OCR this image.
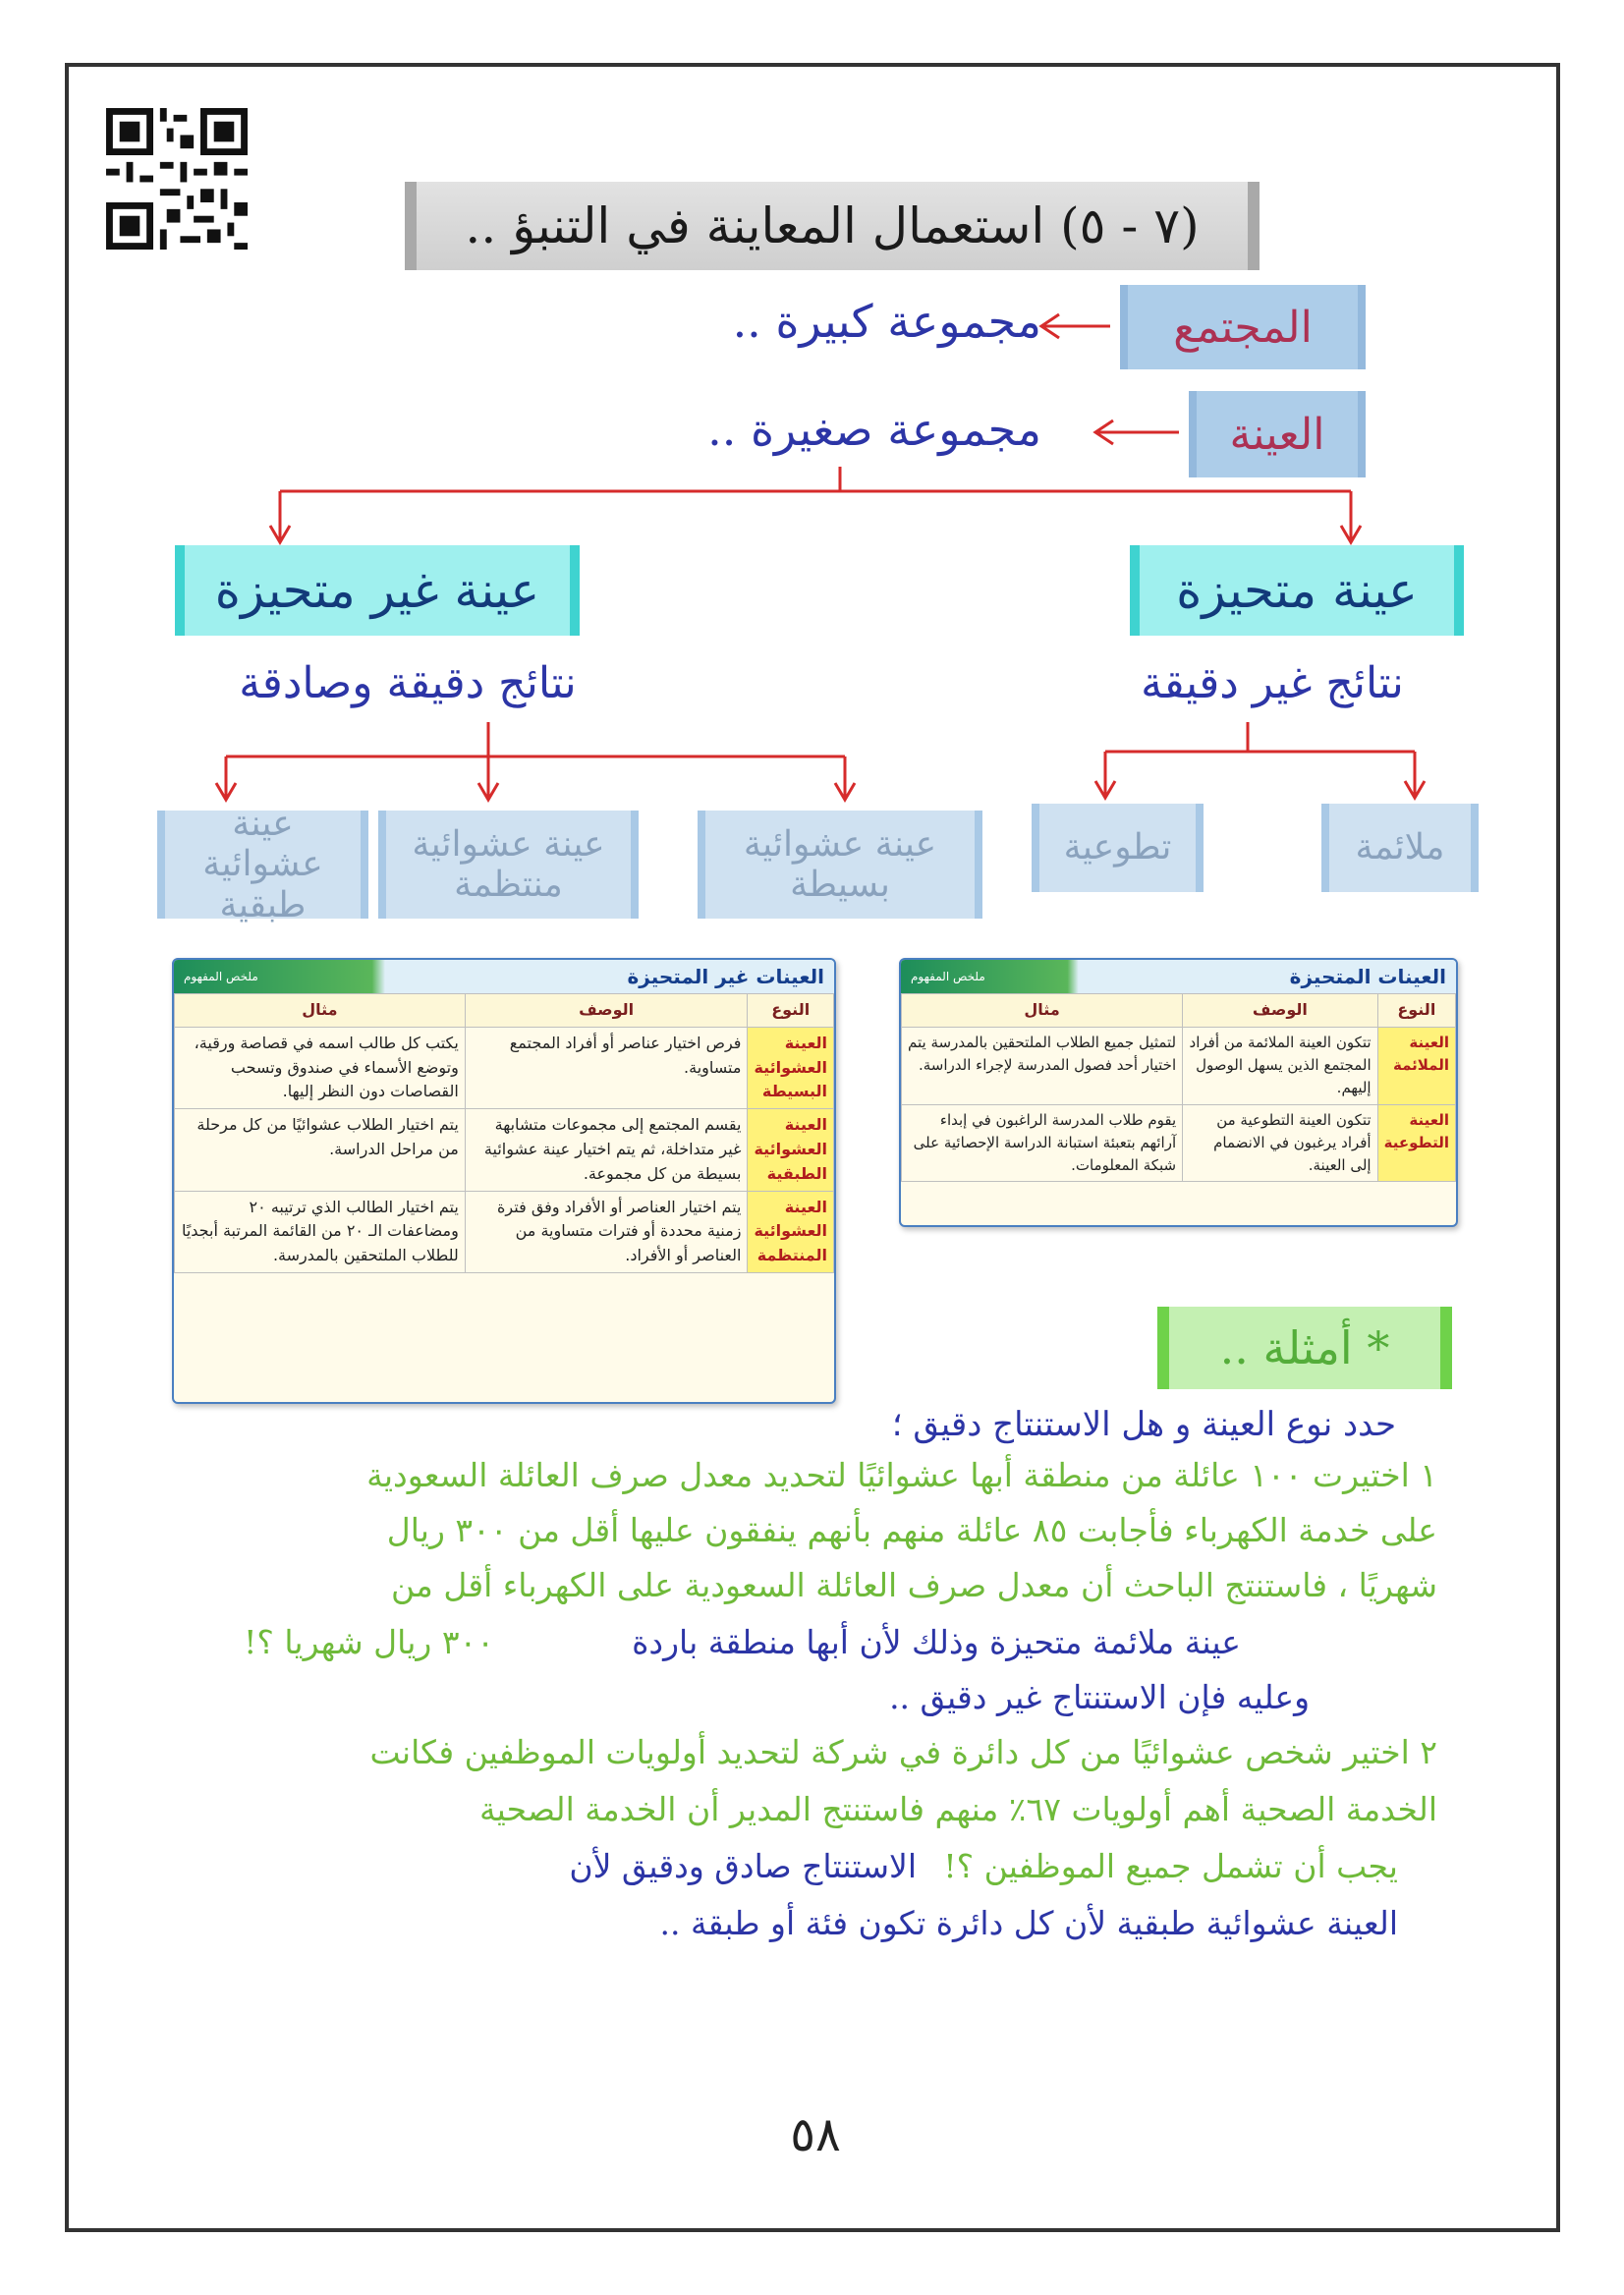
(٧ - ٥) استعمال المعاينة في التنبؤ ..
المجتمع
مجموعة كبيرة ..
العينة
مجموعة صغيرة ..
عينة متحيزة
عينة غير متحيزة
نتائج غير دقيقة
نتائج دقيقة وصادقة
ملائمة
تطوعية
عينة عشوائية بسيطة
عينة عشوائية منتظمة
عينة عشوائية طبقية
العينات المتحيزة
ملخص المفهوم
النوع	الوصف	مثال
العينة الملائمة	تتكون العينة الملائمة من أفراد المجتمع الذين يسهل الوصول إليهم.	لتمثيل جميع الطلاب الملتحقين بالمدرسة يتم اختيار أحد فصول المدرسة لإجراء الدراسة.
العينة التطوعية	تتكون العينة التطوعية من أفراد يرغبون في الانضمام إلى العينة.	يقوم طلاب المدرسة الراغبون في إبداء آرائهم بتعبئة استبانة الدراسة الإحصائية على شبكة المعلومات.
العينات غير المتحيزة
ملخص المفهوم
النوع	الوصف	مثال
العينة العشوائية البسيطة	فرص اختيار عناصر أو أفراد المجتمع متساوية.	يكتب كل طالب اسمه في قصاصة ورقية، وتوضع الأسماء في صندوق وتسحب القصاصات دون النظر إليها.
العينة العشوائية الطبقية	يقسم المجتمع إلى مجموعات متشابهة غير متداخلة، ثم يتم اختيار عينة عشوائية بسيطة من كل مجموعة.	يتم اختيار الطلاب عشوائيًا من كل مرحلة من مراحل الدراسة.
العينة العشوائية المنتظمة	يتم اختيار العناصر أو الأفراد وفق فترة زمنية محددة أو فترات متساوية من العناصر أو الأفراد.	يتم اختيار الطالب الذي ترتيبه ٢٠ ومضاعفات الـ ٢٠ من القائمة المرتبة أبجديًا للطلاب الملتحقين بالمدرسة.
* أمثلة ..
حدد نوع العينة و هل الاستنتاج دقيق ؛
١ اختيرت ١٠٠ عائلة من منطقة أبها عشوائيًا لتحديد معدل صرف العائلة السعودية
على خدمة الكهرباء فأجابت ٨٥ عائلة منهم بأنهم ينفقون عليها أقل من ٣٠٠ ريال
شهريًا ، فاستنتج الباحث أن معدل صرف العائلة السعودية على الكهرباء أقل من
٣٠٠ ريال شهريا ؟!	عينة ملائمة متحيزة وذلك لأن أبها منطقة باردة
وعليه فإن الاستنتاج غير دقيق ..
٢ اختير شخص عشوائيًا من كل دائرة في شركة لتحديد أولويات الموظفين فكانت
الخدمة الصحية أهم أولويات ٦٧٪ منهم فاستنتج المدير أن الخدمة الصحية
يجب أن تشمل جميع الموظفين ؟!
الاستنتاج صادق ودقيق لأن
العينة عشوائية طبقية لأن كل دائرة تكون فئة أو طبقة ..
٥٨
